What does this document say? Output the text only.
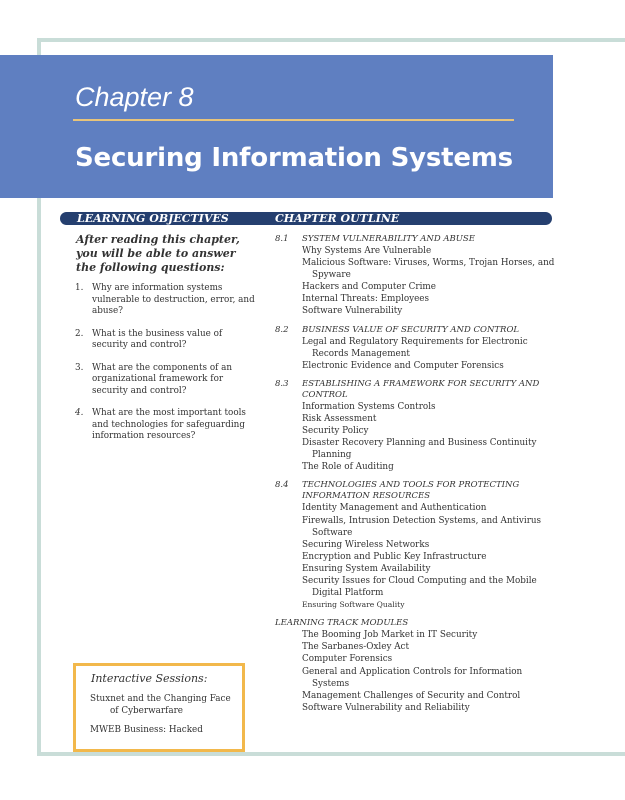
Chapter 8
Securing Information Systems
LEARNING OBJECTIVES	CHAPTER OUTLINE
After reading this chapter, you will be able to answer the following questions:
1. Why are information systems vulnerable to destruction, error, and abuse?
2. What is the business value of security and control?
3. What are the components of an organizational framework for security and control?
4. What are the most important tools and technologies for safeguarding information resources?
8.1	SYSTEM VULNERABILITY AND ABUSE
Why Systems Are Vulnerable
Malicious Software: Viruses, Worms, Trojan Horses, and Spyware
Hackers and Computer Crime
Internal Threats: Employees
Software Vulnerability
8.2	BUSINESS VALUE OF SECURITY AND CONTROL
Legal and Regulatory Requirements for Electronic Records Management
Electronic Evidence and Computer Forensics
8.3	ESTABLISHING A FRAMEWORK FOR SECURITY AND CONTROL
Information Systems Controls
Risk Assessment
Security Policy
Disaster Recovery Planning and Business Continuity Planning
The Role of Auditing
8.4	TECHNOLOGIES AND TOOLS FOR PROTECTING INFORMATION RESOURCES
Identity Management and Authentication
Firewalls, Intrusion Detection Systems, and Antivirus Software
Securing Wireless Networks
Encryption and Public Key Infrastructure
Ensuring System Availability
Security Issues for Cloud Computing and the Mobile Digital Platform
Ensuring Software Quality
LEARNING TRACK MODULES
The Booming Job Market in IT Security
The Sarbanes-Oxley Act
Computer Forensics
General and Application Controls for Information Systems
Management Challenges of Security and Control
Software Vulnerability and Reliability
Interactive Sessions:
Stuxnet and the Changing Face of Cyberwarfare
MWEB Business: Hacked
